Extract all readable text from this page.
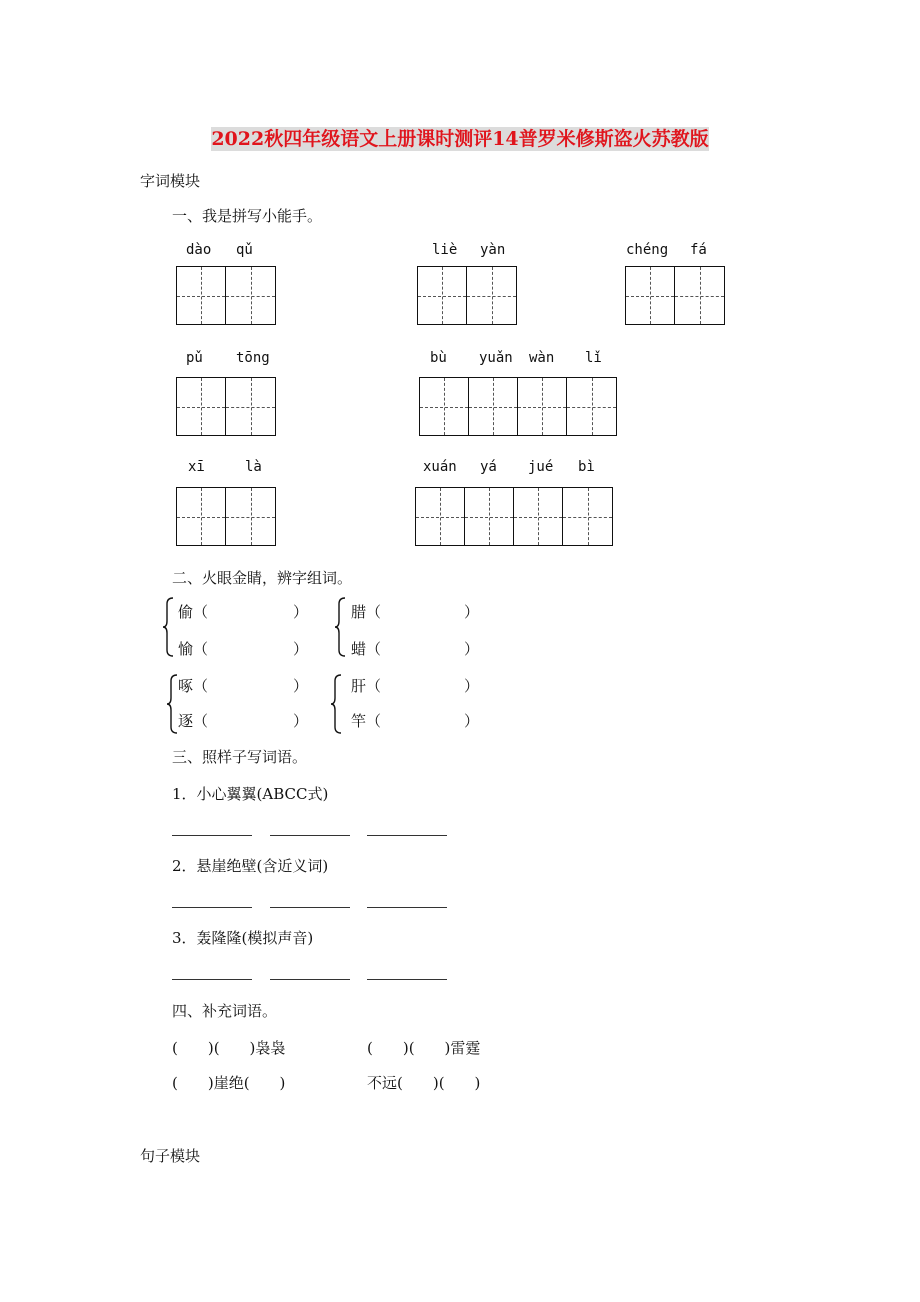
2022秋四年级语文上册课时测评14普罗米修斯盗火苏教版
字词模块
一、我是拼写小能手。
dào qǔ	liè yàn	chéng fá
pǔ tōng	bù yuǎn wàn lǐ
xī	là	xuán yá jué bì
二、火眼金睛，辨字组词。
偷（	）
愉（	）
腊（	）
蜡（	）
啄（	）
逐（	）
肝（	）
竿（	）
三、照样子写词语。
1．小心翼翼(ABCC式)
2．悬崖绝壁(含近义词)
3．轰隆隆(模拟声音)
四、补充词语。
(　　)(　　)袅袅	(　　)(　　)雷霆
(　　)崖绝(　　)	不远(　　)(　　)
句子模块
